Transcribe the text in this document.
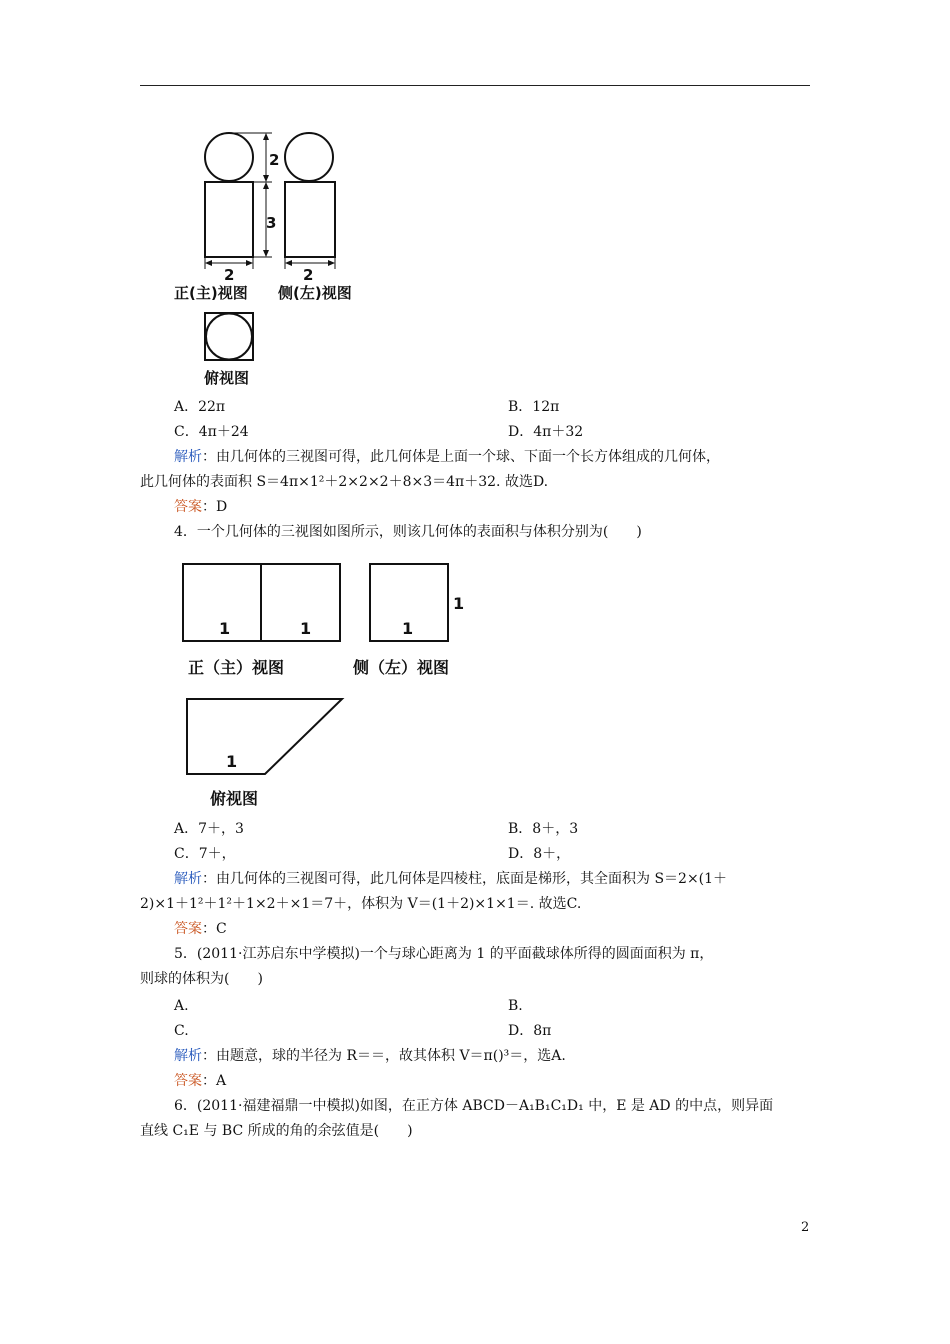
2
3
2	2
正(主)视图 侧(左)视图
俯视图
A．22π	B．12π
C．4π＋24	D．4π＋32
解析：由几何体的三视图可得，此几何体是上面一个球、下面一个长方体组成的几何体，
此几何体的表面积 S＝4π×1²＋2×2×2＋8×3＝4π＋32. 故选D.
答案：D
4．一个几何体的三视图如图所示，则该几何体的表面积与体积分别为(　　)
1	1	1
1
正（主）视图	侧（左）视图
1
俯视图
A．7＋，3	B．8＋，3
C．7＋，	D．8＋，
解析：由几何体的三视图可得，此几何体是四棱柱，底面是梯形，其全面积为 S＝2×(1＋
2)×1＋1²＋1²＋1×2＋×1＝7＋，体积为 V＝(1＋2)×1×1＝. 故选C.
答案：C
5．(2011·江苏启东中学模拟)一个与球心距离为 1 的平面截球体所得的圆面面积为 π，
则球的体积为(　　)
A.	B.
C.	D．8π
解析：由题意，球的半径为 R＝＝，故其体积 V＝π()³＝，选A.
答案：A
6．(2011·福建福鼎一中模拟)如图，在正方体 ABCD－A₁B₁C₁D₁ 中，E 是 AD 的中点，则异面
直线 C₁E 与 BC 所成的角的余弦值是(　　)
2
